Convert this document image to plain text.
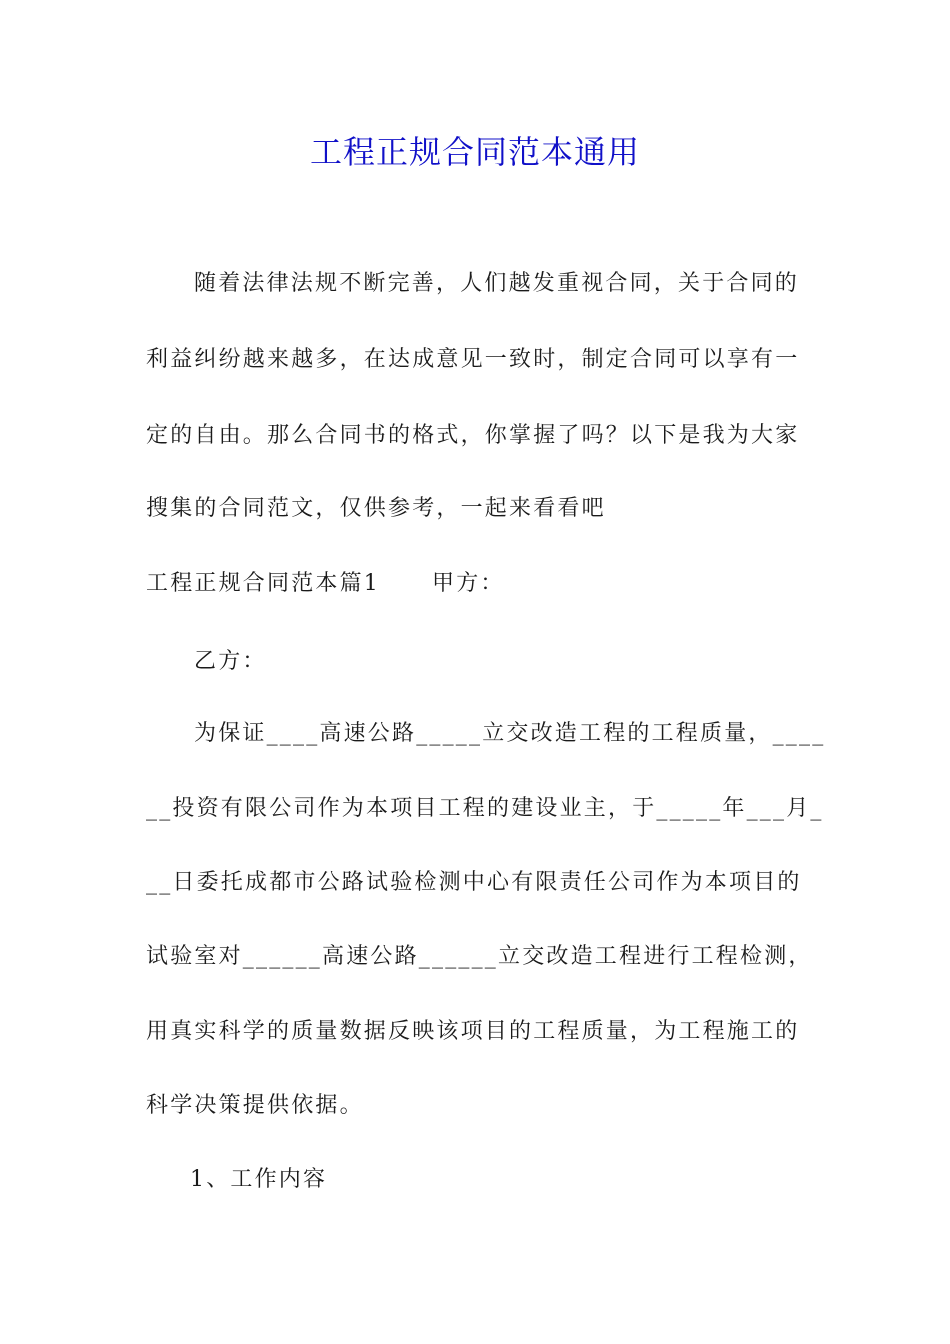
工程正规合同范本通用
随着法律法规不断完善，人们越发重视合同，关于合同的
利益纠纷越来越多，在达成意见一致时，制定合同可以享有一
定的自由。那么合同书的格式，你掌握了吗？以下是我为大家
搜集的合同范文，仅供参考，一起来看看吧
工程正规合同范本篇1 甲方：
乙方：
为保证____高速公路_____立交改造工程的工程质量，____
__投资有限公司作为本项目工程的建设业主，于_____年___月_
__日委托成都市公路试验检测中心有限责任公司作为本项目的
试验室对______高速公路______立交改造工程进行工程检测，
用真实科学的质量数据反映该项目的工程质量，为工程施工的
科学决策提供依据。
1、工作内容
